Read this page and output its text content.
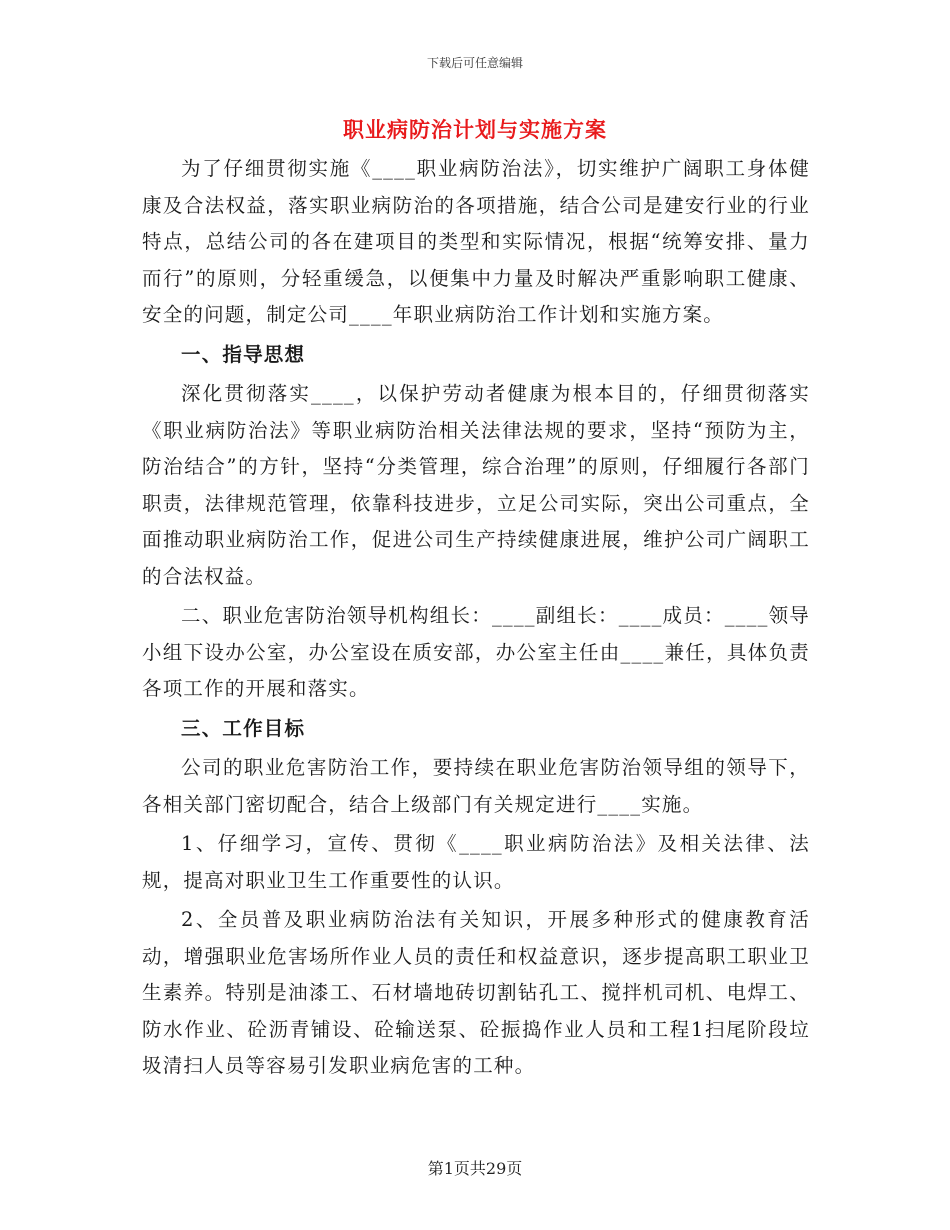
下载后可任意编辑
职业病防治计划与实施方案

为了仔细贯彻实施《____职业病防治法》，切实维护广阔职工身体健康及合法权益，落实职业病防治的各项措施，结合公司是建安行业的行业特点，总结公司的各在建项目的类型和实际情况，根据“统筹安排、量力而行”的原则，分轻重缓急，以便集中力量及时解决严重影响职工健康、安全的问题，制定公司____年职业病防治工作计划和实施方案。

一、指导思想

深化贯彻落实____，以保护劳动者健康为根本目的，仔细贯彻落实《职业病防治法》等职业病防治相关法律法规的要求，坚持“预防为主，防治结合”的方针，坚持“分类管理，综合治理”的原则，仔细履行各部门职责，法律规范管理，依靠科技进步，立足公司实际，突出公司重点，全面推动职业病防治工作，促进公司生产持续健康进展，维护公司广阔职工的合法权益。

二、职业危害防治领导机构组长：____副组长：____成员：____领导小组下设办公室，办公室设在质安部，办公室主任由____兼任，具体负责各项工作的开展和落实。

三、工作目标

公司的职业危害防治工作，要持续在职业危害防治领导组的领导下，各相关部门密切配合，结合上级部门有关规定进行____实施。

1、仔细学习，宣传、贯彻《____职业病防治法》及相关法律、法规，提高对职业卫生工作重要性的认识。

2、全员普及职业病防治法有关知识，开展多种形式的健康教育活动，增强职业危害场所作业人员的责任和权益意识，逐步提高职工职业卫生素养。特别是油漆工、石材墙地砖切割钻孔工、搅拌机司机、电焊工、防水作业、砼沥青铺设、砼输送泵、砼振捣作业人员和工程1扫尾阶段垃圾清扫人员等容易引发职业病危害的工种。

第1页共29页
